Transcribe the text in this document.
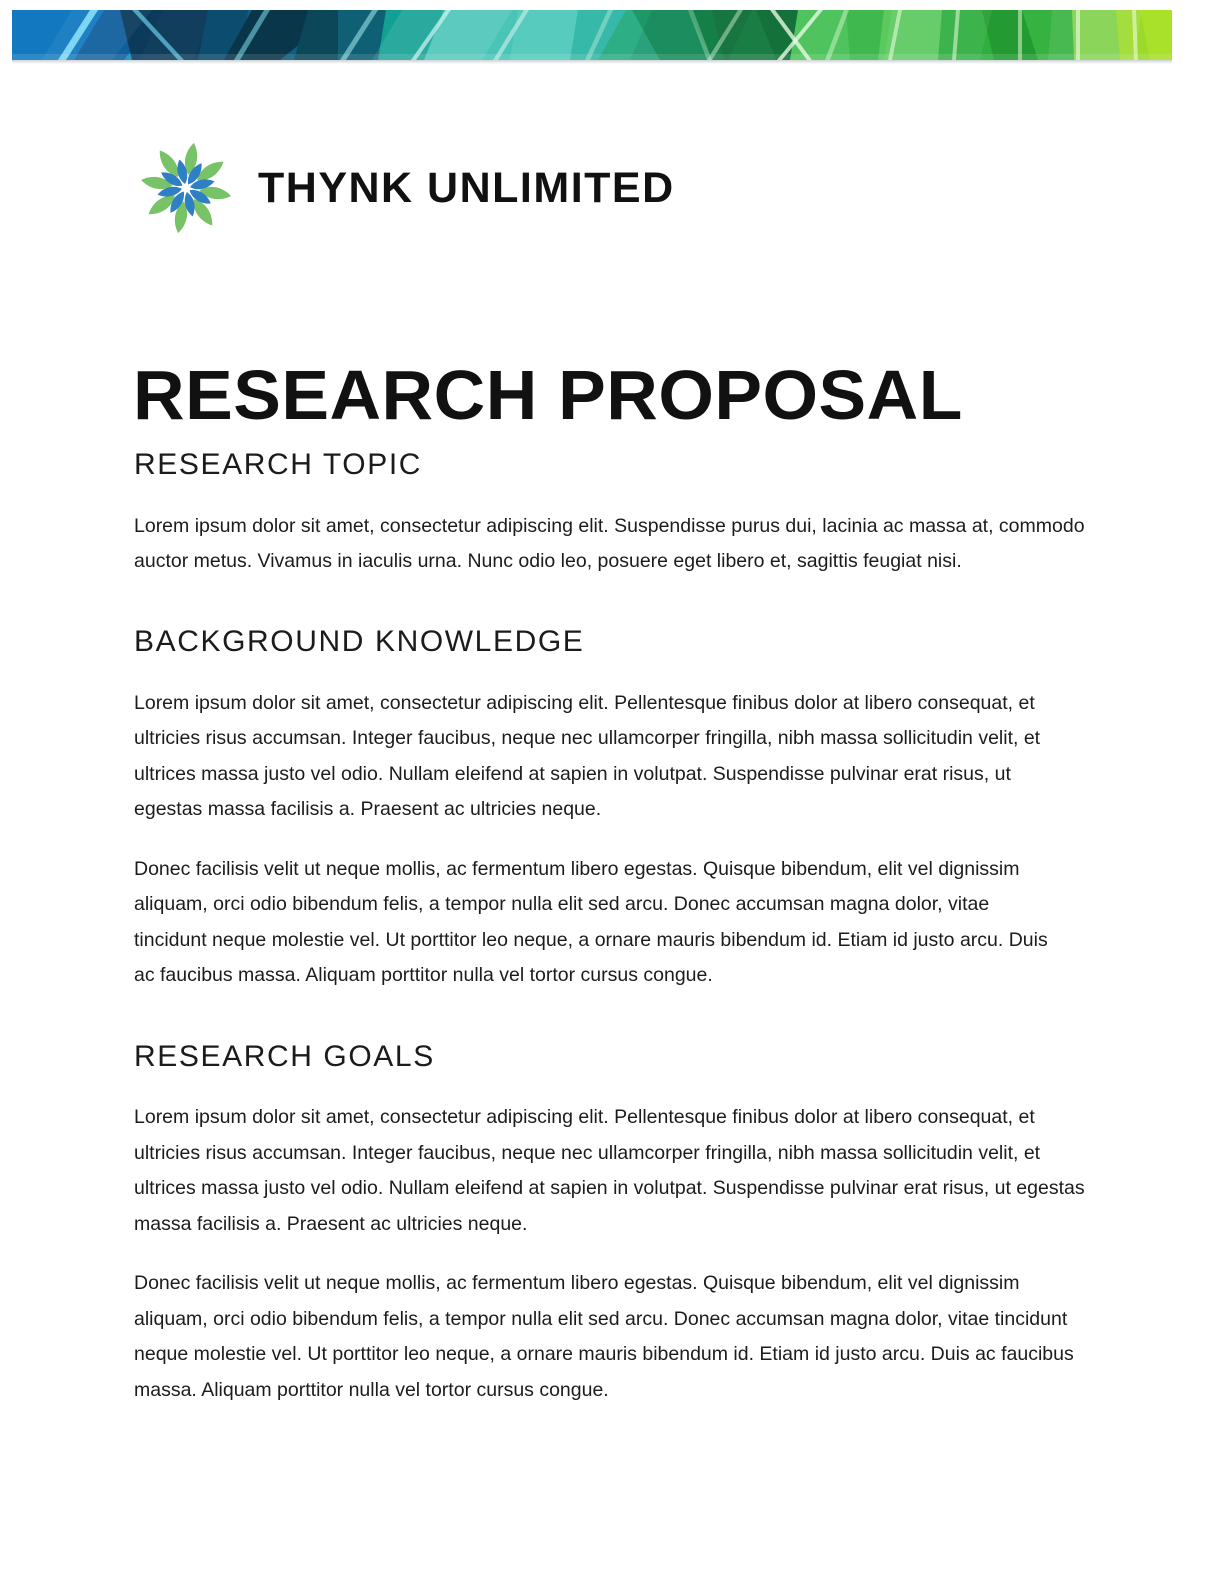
THYNK UNLIMITED
RESEARCH PROPOSAL
RESEARCH TOPIC

Lorem ipsum dolor sit amet, consectetur adipiscing elit. Suspendisse purus dui, lacinia ac massa at, commodo auctor metus. Vivamus in iaculis urna. Nunc odio leo, posuere eget libero et, sagittis feugiat nisi.

BACKGROUND KNOWLEDGE

Lorem ipsum dolor sit amet, consectetur adipiscing elit. Pellentesque finibus dolor at libero consequat, et ultricies risus accumsan. Integer faucibus, neque nec ullamcorper fringilla, nibh massa sollicitudin velit, et ultrices massa justo vel odio. Nullam eleifend at sapien in volutpat. Suspendisse pulvinar erat risus, ut egestas massa facilisis a. Praesent ac ultricies neque.

Donec facilisis velit ut neque mollis, ac fermentum libero egestas. Quisque bibendum, elit vel dignissim aliquam, orci odio bibendum felis, a tempor nulla elit sed arcu. Donec accumsan magna dolor, vitae tincidunt neque molestie vel. Ut porttitor leo neque, a ornare mauris bibendum id. Etiam id justo arcu. Duis ac faucibus massa. Aliquam porttitor nulla vel tortor cursus congue.

RESEARCH GOALS

Lorem ipsum dolor sit amet, consectetur adipiscing elit. Pellentesque finibus dolor at libero consequat, et ultricies risus accumsan. Integer faucibus, neque nec ullamcorper fringilla, nibh massa sollicitudin velit, et ultrices massa justo vel odio. Nullam eleifend at sapien in volutpat. Suspendisse pulvinar erat risus, ut egestas massa facilisis a. Praesent ac ultricies neque.

Donec facilisis velit ut neque mollis, ac fermentum libero egestas. Quisque bibendum, elit vel dignissim aliquam, orci odio bibendum felis, a tempor nulla elit sed arcu. Donec accumsan magna dolor, vitae tincidunt neque molestie vel. Ut porttitor leo neque, a ornare mauris bibendum id. Etiam id justo arcu. Duis ac faucibus massa. Aliquam porttitor nulla vel tortor cursus congue.
